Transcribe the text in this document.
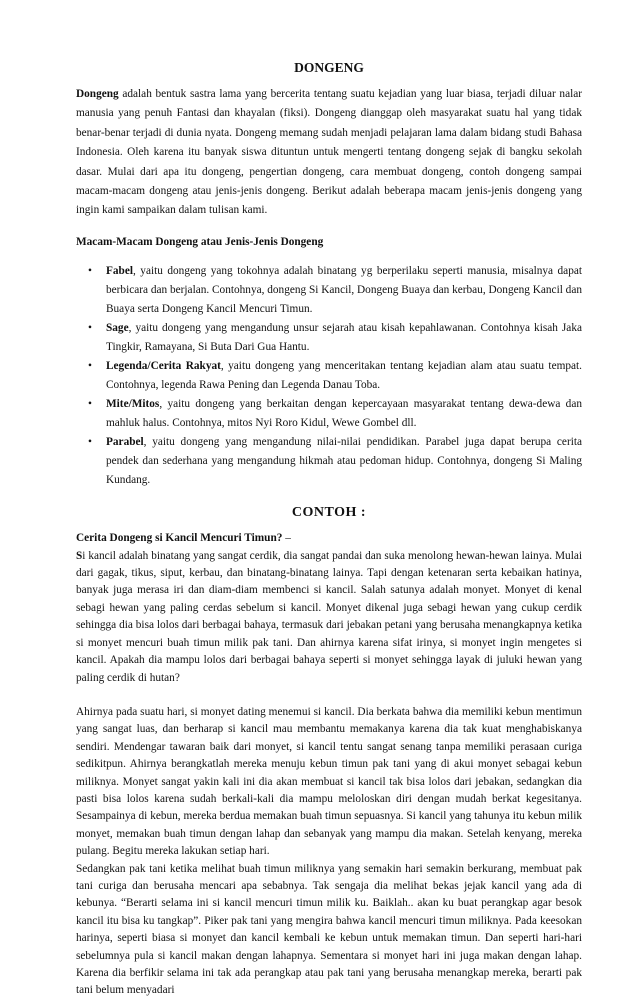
DONGENG

Dongeng adalah bentuk sastra lama yang bercerita tentang suatu kejadian yang luar biasa, terjadi diluar nalar manusia yang penuh Fantasi dan khayalan (fiksi). Dongeng dianggap oleh masyarakat suatu hal yang tidak benar-benar terjadi di dunia nyata. Dongeng memang sudah menjadi pelajaran lama dalam bidang studi Bahasa Indonesia. Oleh karena itu banyak siswa dituntun untuk mengerti tentang dongeng sejak di bangku sekolah dasar. Mulai dari apa itu dongeng, pengertian dongeng, cara membuat dongeng, contoh dongeng sampai macam-macam dongeng atau jenis-jenis dongeng. Berikut adalah beberapa macam jenis-jenis dongeng yang ingin kami sampaikan dalam tulisan kami.

Macam-Macam Dongeng atau Jenis-Jenis Dongeng
• Fabel, yaitu dongeng yang tokohnya adalah binatang yg berperilaku seperti manusia, misalnya dapat berbicara dan berjalan. Contohnya, dongeng Si Kancil, Dongeng Buaya dan kerbau, Dongeng Kancil dan Buaya serta Dongeng Kancil Mencuri Timun.
• Sage, yaitu dongeng yang mengandung unsur sejarah atau kisah kepahlawanan. Contohnya kisah Jaka Tingkir, Ramayana, Si Buta Dari Gua Hantu.
• Legenda/Cerita Rakyat, yaitu dongeng yang menceritakan tentang kejadian alam atau suatu tempat. Contohnya, legenda Rawa Pening dan Legenda Danau Toba.
• Mite/Mitos, yaitu dongeng yang berkaitan dengan kepercayaan masyarakat tentang dewa-dewa dan mahluk halus. Contohnya, mitos Nyi Roro Kidul, Wewe Gombel dll.
• Parabel, yaitu dongeng yang mengandung nilai-nilai pendidikan. Parabel juga dapat berupa cerita pendek dan sederhana yang mengandung hikmah atau pedoman hidup. Contohnya, dongeng Si Maling Kundang.
CONTOH :

Cerita Dongeng si Kancil Mencuri Timun? –

Si kancil adalah binatang yang sangat cerdik, dia sangat pandai dan suka menolong hewan-hewan lainya. Mulai dari gagak, tikus, siput, kerbau, dan binatang-binatang lainya. Tapi dengan ketenaran serta kebaikan hatinya, banyak juga merasa iri dan diam-diam membenci si kancil. Salah satunya adalah monyet. Monyet di kenal sebagi hewan yang paling cerdas sebelum si kancil. Monyet dikenal juga sebagi hewan yang cukup cerdik sehingga dia bisa lolos dari berbagai bahaya, termasuk dari jebakan petani yang berusaha menangkapnya ketika si monyet mencuri buah timun milik pak tani. Dan ahirnya karena sifat irinya, si monyet ingin mengetes si kancil. Apakah dia mampu lolos dari berbagai bahaya seperti si monyet sehingga layak di juluki hewan yang paling cerdik di hutan?

Ahirnya pada suatu hari, si monyet dating menemui si kancil. Dia berkata bahwa dia memiliki kebun mentimun yang sangat luas, dan berharap si kancil mau membantu memakanya karena dia tak kuat menghabiskanya sendiri. Mendengar tawaran baik dari monyet, si kancil tentu sangat senang tanpa memiliki perasaan curiga sedikitpun. Ahirnya berangkatlah mereka menuju kebun timun pak tani yang di akui monyet sebagai kebun miliknya. Monyet sangat yakin kali ini dia akan membuat si kancil tak bisa lolos dari jebakan, sedangkan dia pasti bisa lolos karena sudah berkali-kali dia mampu meloloskan diri dengan mudah berkat kegesitanya. Sesampainya di kebun, mereka berdua memakan buah timun sepuasnya. Si kancil yang tahunya itu kebun milik monyet, memakan buah timun dengan lahap dan sebanyak yang mampu dia makan. Setelah kenyang, mereka pulang. Begitu mereka lakukan setiap hari.

Sedangkan pak tani ketika melihat buah timun miliknya yang semakin hari semakin berkurang, membuat pak tani curiga dan berusaha mencari apa sebabnya. Tak sengaja dia melihat bekas jejak kancil yang ada di kebunya. “Berarti selama ini si kancil mencuri timun milik ku. Baiklah.. akan ku buat perangkap agar besok kancil itu bisa ku tangkap”. Piker pak tani yang mengira bahwa kancil mencuri timun miliknya. Pada keesokan harinya, seperti biasa si monyet dan kancil kembali ke kebun untuk memakan timun. Dan seperti hari-hari sebelumnya pula si kancil makan dengan lahapnya. Sementara si monyet hari ini juga makan dengan lahap. Karena dia berfikir selama ini tak ada perangkap atau pak tani yang berusaha menangkap mereka, berarti pak tani belum menyadari
